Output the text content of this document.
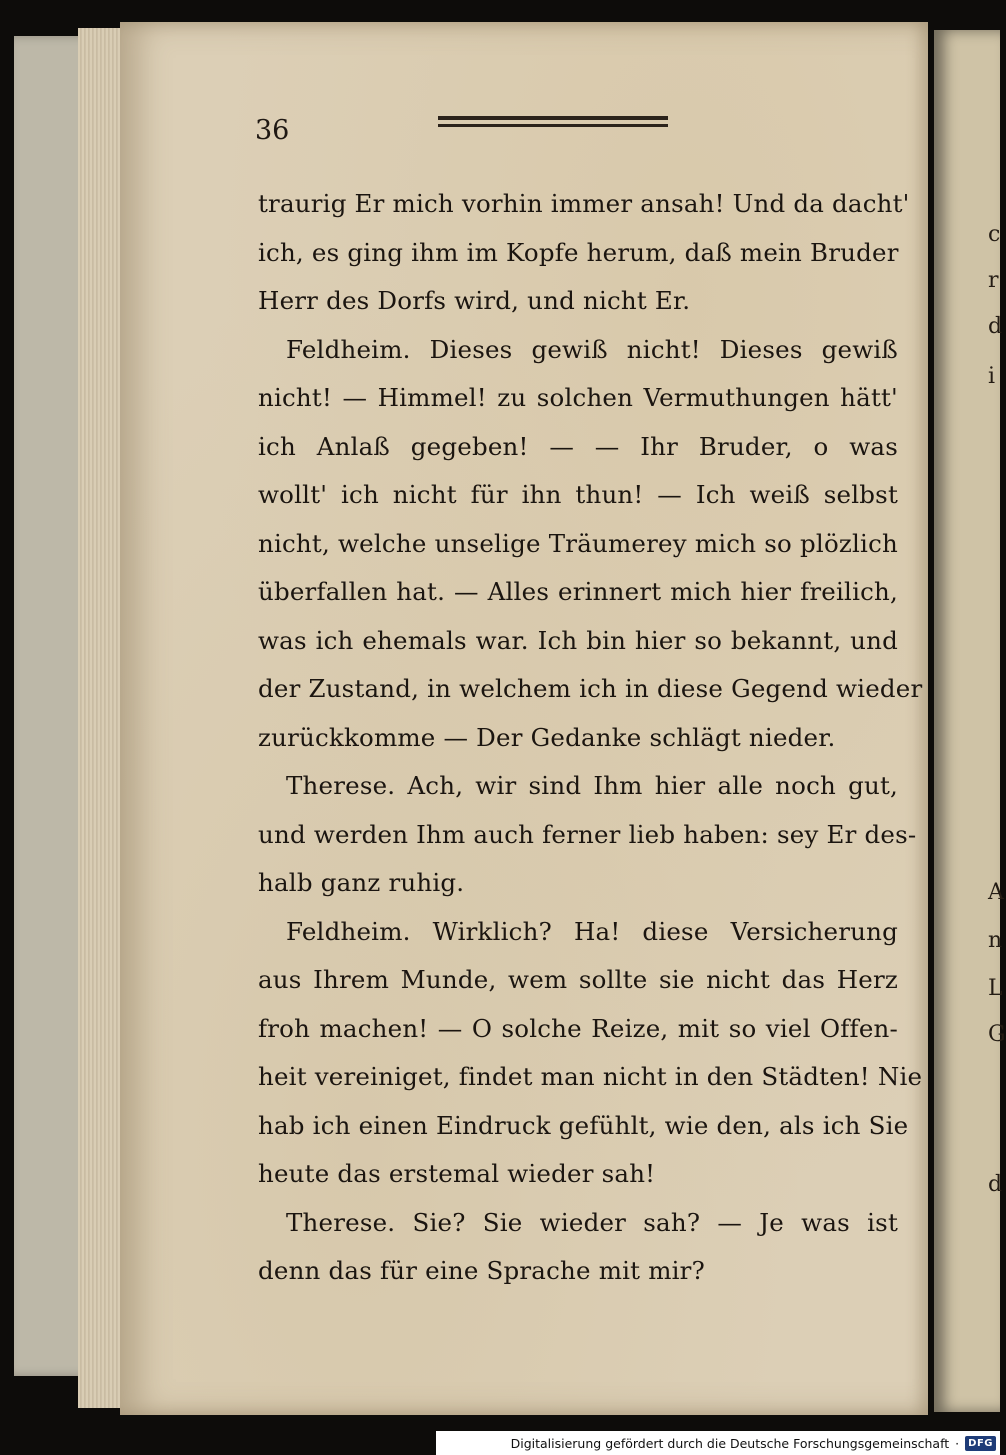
c
r
d
i
A
n
L
G
d
36
traurig Er mich vorhin immer ansah! Und da dacht'
ich, es ging ihm im Kopfe herum, daß mein Bruder
Herr des Dorfs wird, und nicht Er.
Feldheim. Dieses gewiß nicht! Dieses gewiß
nicht! — Himmel! zu solchen Vermuthungen hätt'
ich Anlaß gegeben! — — Ihr Bruder, o was
wollt' ich nicht für ihn thun! — Ich weiß selbst
nicht, welche unselige Träumerey mich so plözlich
überfallen hat. — Alles erinnert mich hier freilich,
was ich ehemals war. Ich bin hier so bekannt, und
der Zustand, in welchem ich in diese Gegend wieder
zurückkomme — Der Gedanke schlägt nieder.
Therese. Ach, wir sind Ihm hier alle noch gut,
und werden Ihm auch ferner lieb haben: sey Er des-
halb ganz ruhig.
Feldheim. Wirklich? Ha! diese Versicherung
aus Ihrem Munde, wem sollte sie nicht das Herz
froh machen! — O solche Reize, mit so viel Offen-
heit vereiniget, findet man nicht in den Städten! Nie
hab ich einen Eindruck gefühlt, wie den, als ich Sie
heute das erstemal wieder sah!
Therese. Sie? Sie wieder sah? — Je was ist
denn das für eine Sprache mit mir?
Digitalisierung gefördert durch die Deutsche Forschungsgemeinschaft · DFG
